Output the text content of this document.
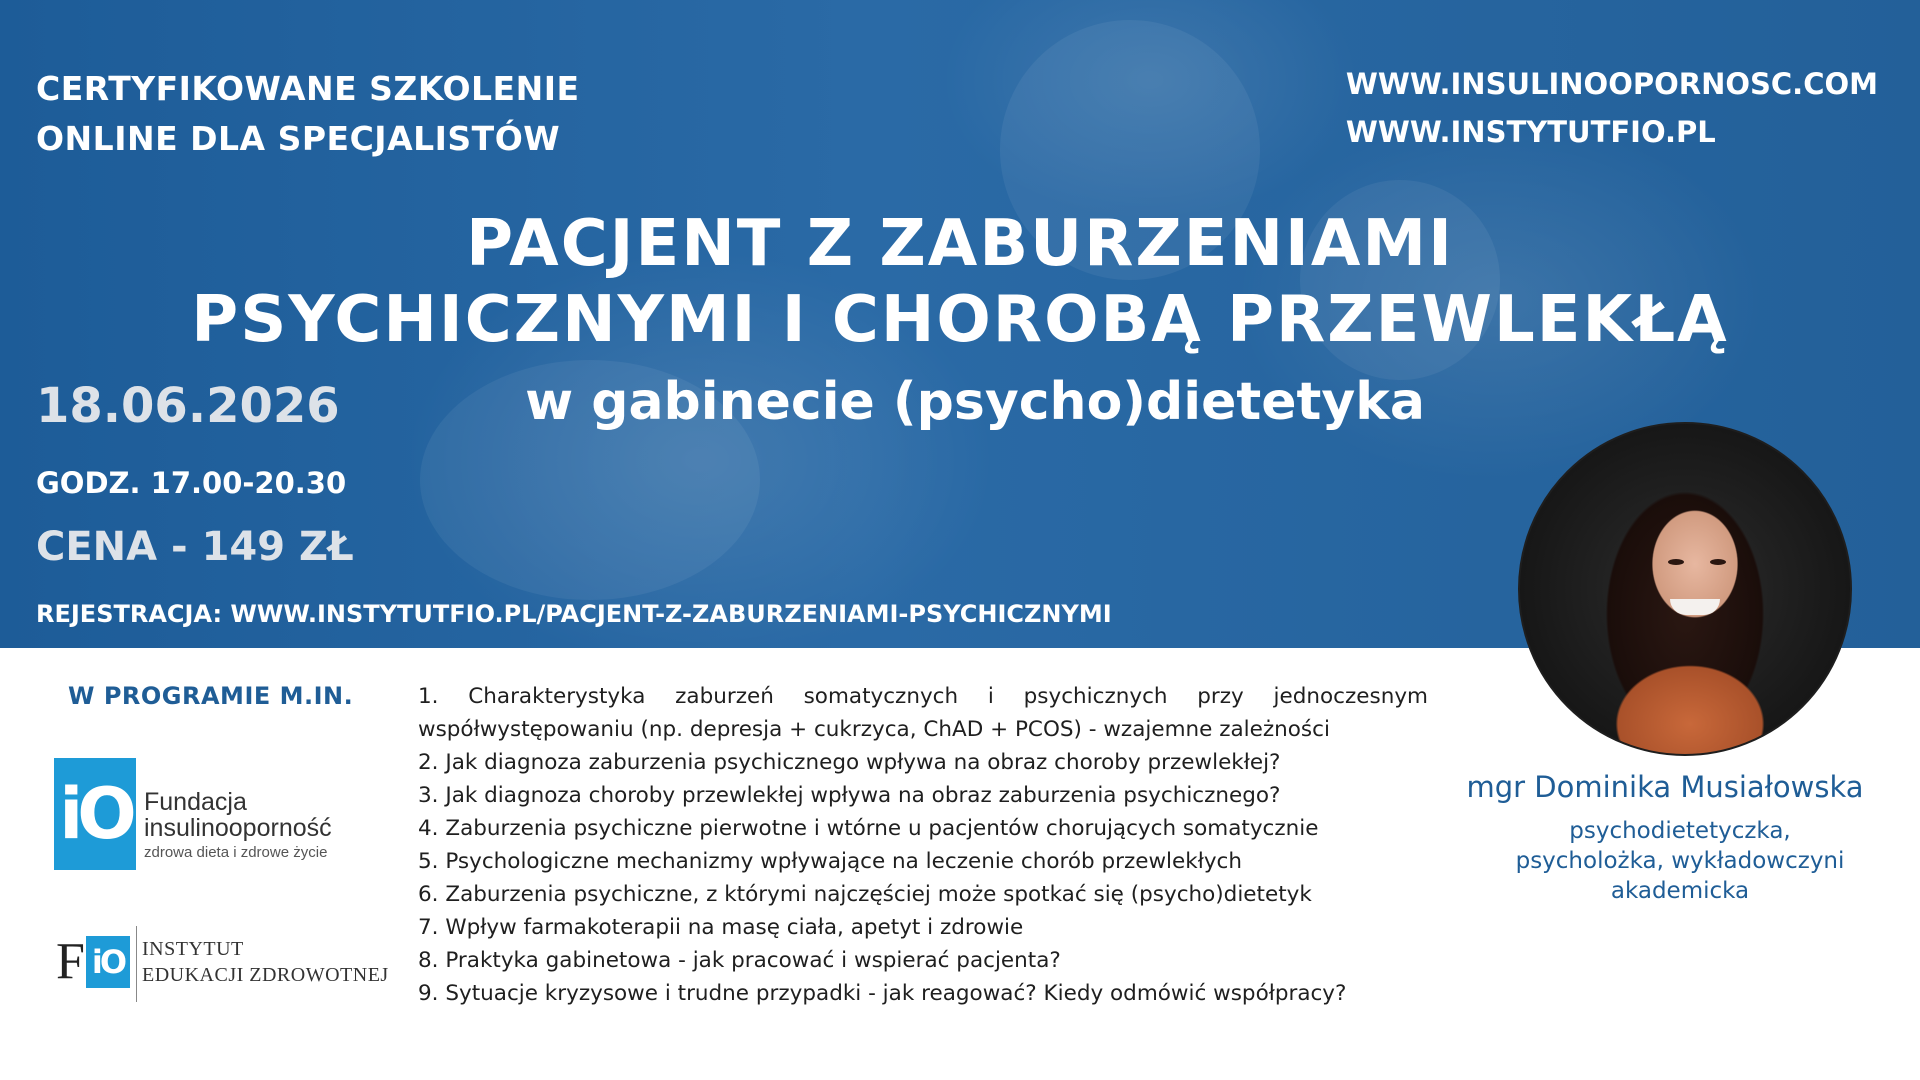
CERTYFIKOWANE SZKOLENIE
ONLINE DLA SPECJALISTÓW
WWW.INSULINOOPORNOSC.COM
WWW.INSTYTUTFIO.PL
PACJENT Z ZABURZENIAMI
PSYCHICZNYMI I CHOROBĄ PRZEWLEKŁĄ
w gabinecie (psycho)dietetyka
18.06.2026
GODZ. 17.00-20.30
CENA - 149 ZŁ
REJESTRACJA: WWW.INSTYTUTFIO.PL/PACJENT-Z-ZABURZENIAMI-PSYCHICZNYMI
W PROGRAMIE M.IN.	1. Charakterystyka zaburzeń somatycznych i psychicznych przy jednoczesnym współwystępowaniu (np. depresja + cukrzyca, ChAD + PCOS) - wzajemne zależności
2. Jak diagnoza zaburzenia psychicznego wpływa na obraz choroby przewlekłej?
3. Jak diagnoza choroby przewlekłej wpływa na obraz zaburzenia psychicznego?
4. Zaburzenia psychiczne pierwotne i wtórne u pacjentów chorujących somatycznie
5. Psychologiczne mechanizmy wpływające na leczenie chorób przewlekłych
6. Zaburzenia psychiczne, z którymi najczęściej może spotkać się (psycho)dietetyk
7. Wpływ farmakoterapii na masę ciała, apetyt i zdrowie
8. Praktyka gabinetowa - jak pracować i wspierać pacjenta?
9. Sytuacje kryzysowe i trudne przypadki - jak reagować? Kiedy odmówić współpracy?
iO Fundacja
insulinooporność
zdrowa dieta i zdrowe życie
F iO INSTYTUT
EDUKACJI ZDROWOTNEJ
mgr Dominika Musiałowska
psychodietetyczka,
psycholożka, wykładowczyni
akademicka
